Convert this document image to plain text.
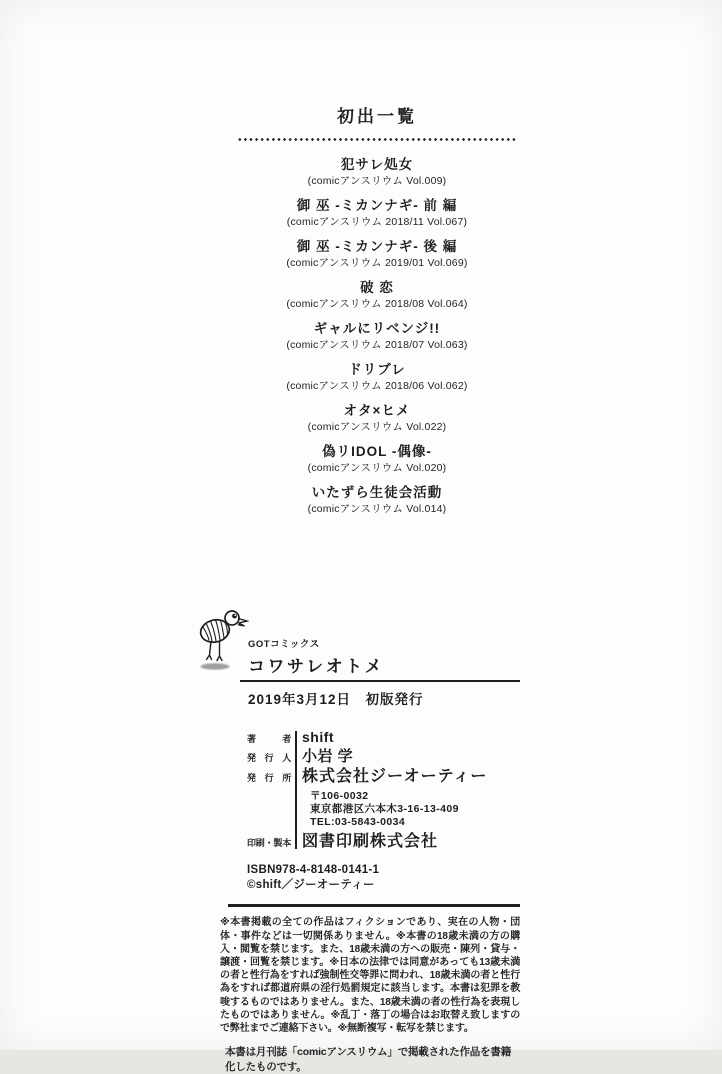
初出一覧
犯サレ処女
(comicアンスリウム Vol.009)
御 巫 -ミカンナギ- 前 編
(comicアンスリウム 2018/11 Vol.067)
御 巫 -ミカンナギ- 後 編
(comicアンスリウム 2019/01 Vol.069)
破 恋
(comicアンスリウム 2018/08 Vol.064)
ギャルにリベンジ!!
(comicアンスリウム 2018/07 Vol.063)
ドリブレ
(comicアンスリウム 2018/06 Vol.062)
オタ×ヒメ
(comicアンスリウム Vol.022)
偽リIDOL -偶像-
(comicアンスリウム Vol.020)
いたずら生徒会活動
(comicアンスリウム Vol.014)
GOTコミックス
コワサレオトメ
2019年3月12日　初版発行
著者 shift
発行人 小岩 学
発行所 株式会社ジーオーティー
〒106-0032
東京都港区六本木3-16-13-409
TEL:03-5843-0034
印刷・製本 図書印刷株式会社
ISBN978-4-8148-0141-1
©shift／ジーオーティー

※本書掲載の全ての作品はフィクションであり、実在の人物・団体・事件などは一切関係ありません。※本書の18歳未満の方の購入・閲覧を禁じます。また、18歳未満の方への販売・陳列・貸与・譲渡・回覧を禁じます。※日本の法律では同意があっても13歳未満の者と性行為をすれば強制性交等罪に問われ、18歳未満の者と性行為をすれば都道府県の淫行処罰規定に該当します。本書は犯罪を教唆するものではありません。また、18歳未満の者の性行為を表現したものではありません。※乱丁・落丁の場合はお取替え致しますので弊社までご連絡下さい。※無断複写・転写を禁じます。

本書は月刊誌「comicアンスリウム」で掲載された作品を書籍化したものです。
